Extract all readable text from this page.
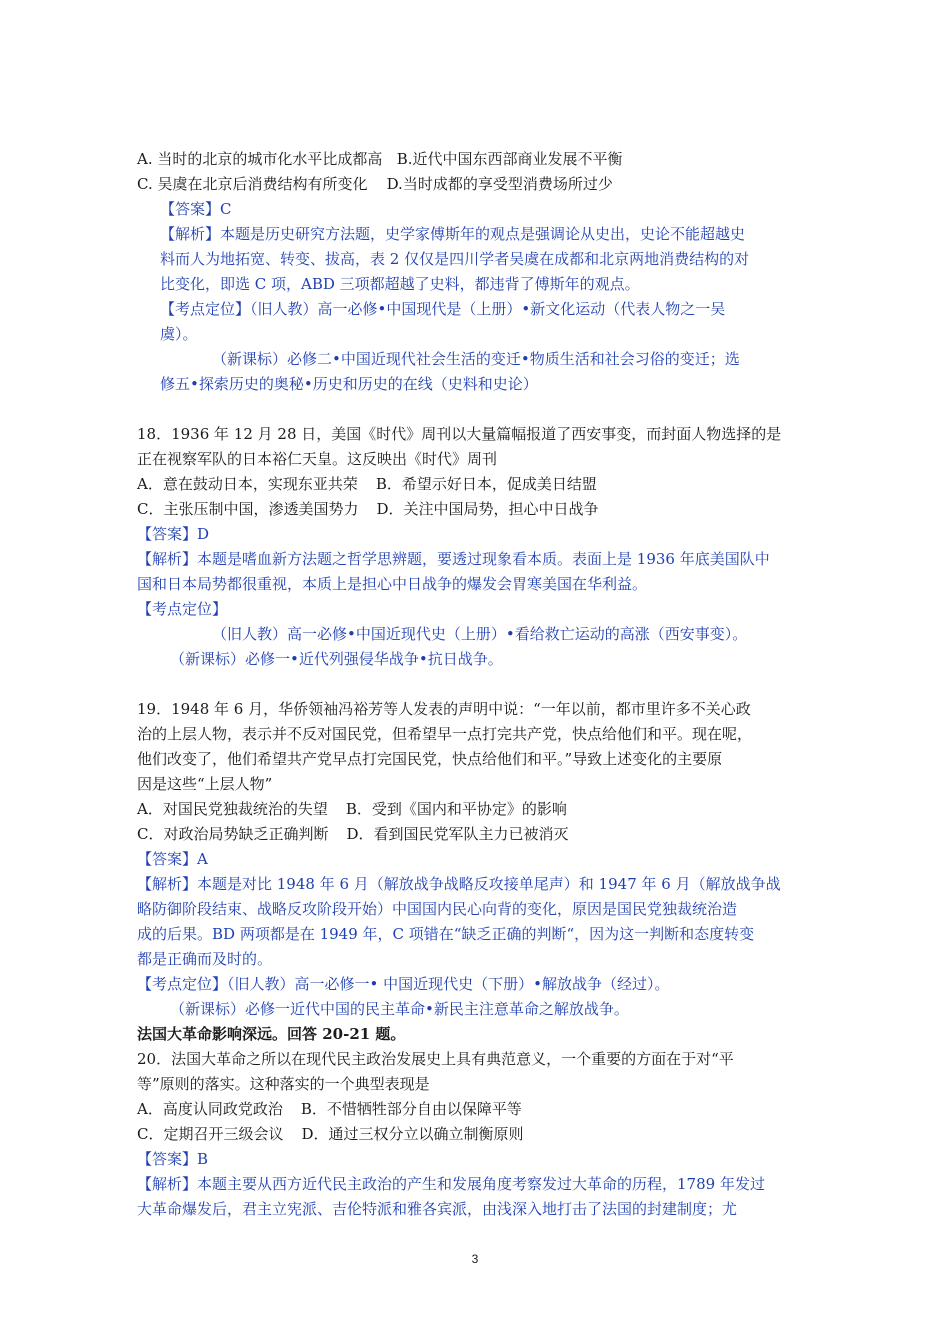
A. 当时的北京的城市化水平比成都高 B.近代中国东西部商业发展不平衡

C. 吴虞在北京后消费结构有所变化 D.当时成都的享受型消费场所过少

【答案】C

【解析】本题是历史研究方法题，史学家傅斯年的观点是强调论从史出，史论不能超越史

料而人为地拓宽、转变、拔高，表 2 仅仅是四川学者吴虞在成都和北京两地消费结构的对

比变化，即选 C 项，ABD 三项都超越了史料，都违背了傅斯年的观点。

【考点定位】（旧人教）高一必修•中国现代是（上册）•新文化运动（代表人物之一吴

虞）。

（新课标）必修二•中国近现代社会生活的变迁•物质生活和社会习俗的变迁；选

修五•探索历史的奥秘•历史和历史的在线（史料和史论）

18．1936 年 12 月 28 日，美国《时代》周刊以大量篇幅报道了西安事变，而封面人物选择的是

正在视察军队的日本裕仁天皇。这反映出《时代》周刊

A．意在鼓动日本，实现东亚共荣 B．希望示好日本，促成美日结盟

C．主张压制中国，渗透美国势力 D．关注中国局势，担心中日战争

【答案】D

【解析】本题是嗜血新方法题之哲学思辨题，要透过现象看本质。表面上是 1936 年底美国队中

国和日本局势都很重视，本质上是担心中日战争的爆发会胃寒美国在华利益。

【考点定位】

（旧人教）高一必修•中国近现代史（上册）•看给救亡运动的高涨（西安事变）。

（新课标）必修一•近代列强侵华战争•抗日战争。

19．1948 年 6 月，华侨领袖冯裕芳等人发表的声明中说：“一年以前，都市里许多不关心政

治的上层人物，表示并不反对国民党，但希望早一点打完共产党，快点给他们和平。现在呢，

他们改变了，他们希望共产党早点打完国民党，快点给他们和平。”导致上述变化的主要原

因是这些“上层人物”

A．对国民党独裁统治的失望 B．受到《国内和平协定》的影响

C．对政治局势缺乏正确判断 D．看到国民党军队主力已被消灭

【答案】A

【解析】本题是对比 1948 年 6 月（解放战争战略反攻接单尾声）和 1947 年 6 月（解放战争战

略防御阶段结束、战略反攻阶段开始）中国国内民心向背的变化，原因是国民党独裁统治造

成的后果。BD 两项都是在 1949 年，C 项错在“缺乏正确的判断“，因为这一判断和态度转变

都是正确而及时的。

【考点定位】（旧人教）高一必修一• 中国近现代史（下册）•解放战争（经过）。

（新课标）必修一近代中国的民主革命•新民主注意革命之解放战争。

法国大革命影响深远。回答 20-21 题。

20．法国大革命之所以在现代民主政治发展史上具有典范意义，一个重要的方面在于对“平

等”原则的落实。这种落实的一个典型表现是

A．高度认同政党政治 B．不惜牺牲部分自由以保障平等

C．定期召开三级会议 D．通过三权分立以确立制衡原则

【答案】B

【解析】本题主要从西方近代民主政治的产生和发展角度考察发过大革命的历程，1789 年发过

大革命爆发后，君主立宪派、吉伦特派和雅各宾派，由浅深入地打击了法国的封建制度；尤

3
